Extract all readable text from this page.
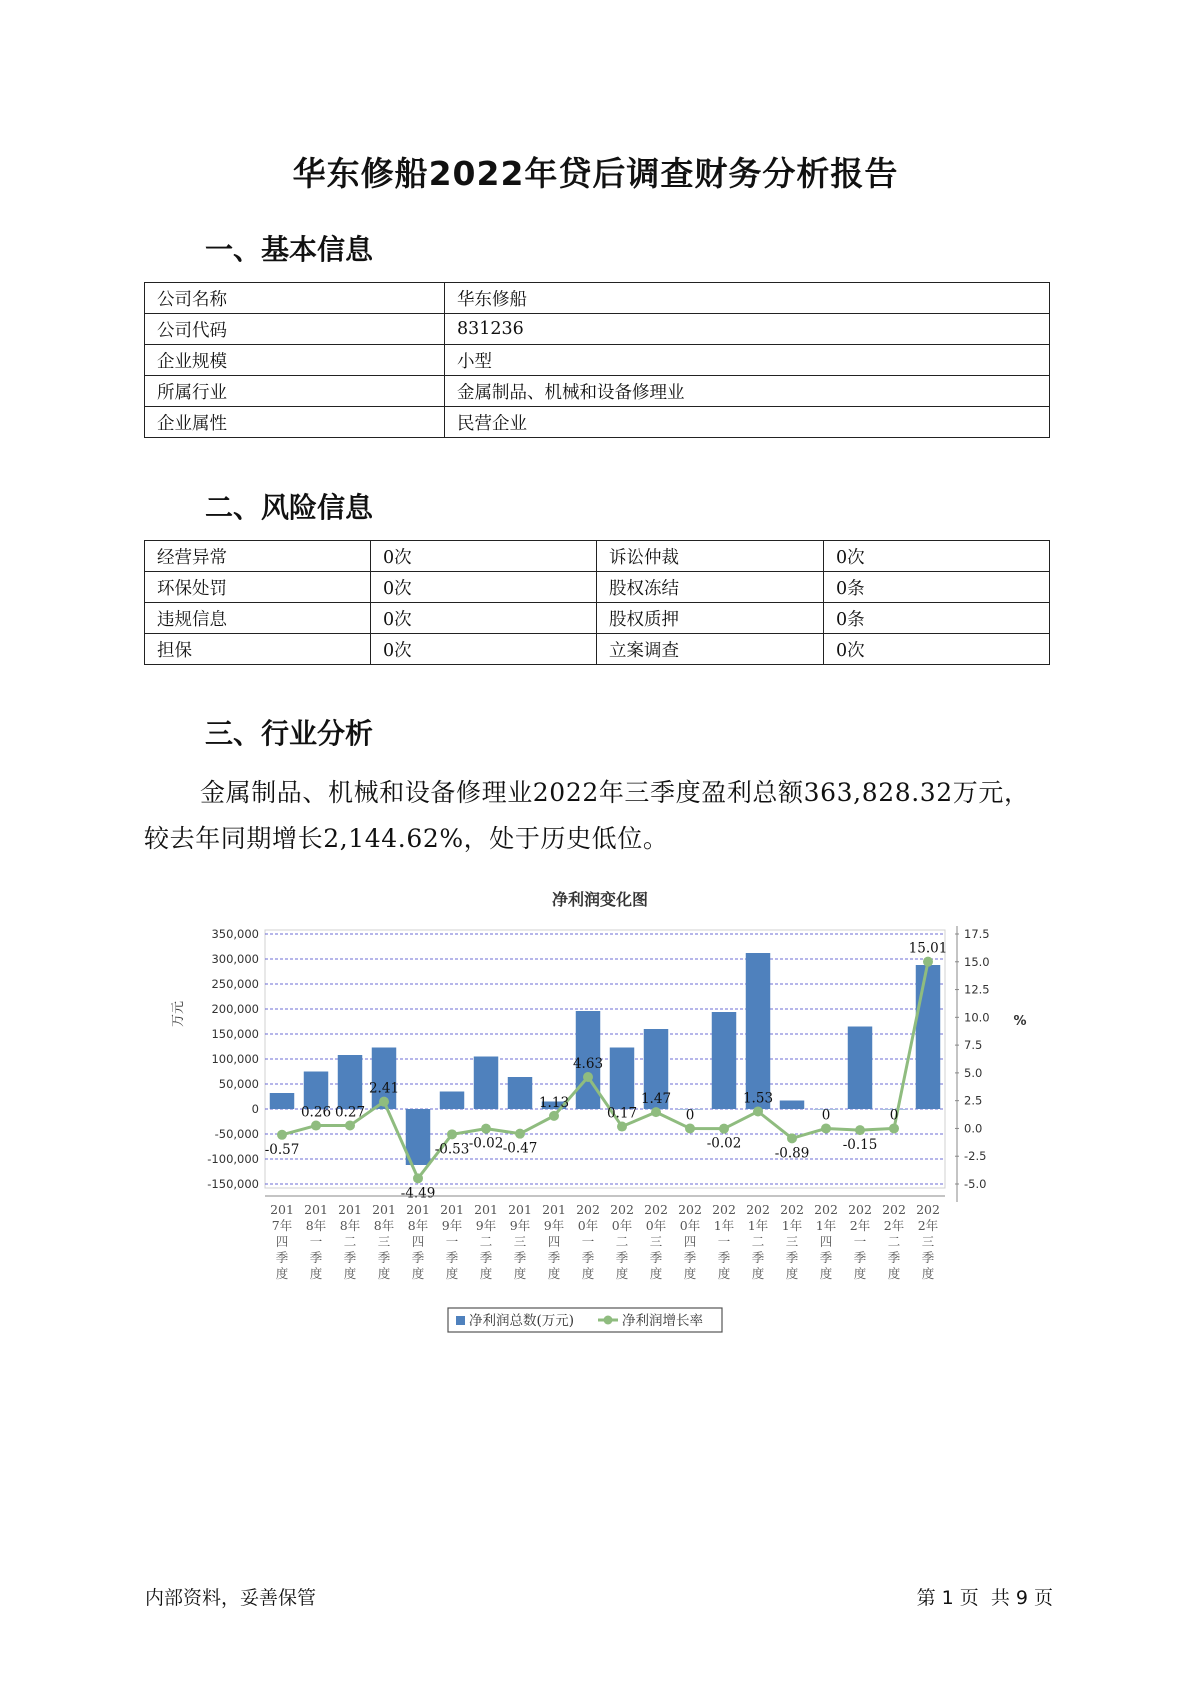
华东修船2022年贷后调查财务分析报告
一、基本信息
公司名称	华东修船
公司代码	831236
企业规模	小型
所属行业	金属制品、机械和设备修理业
企业属性	民营企业
二、风险信息
经营异常	0次	诉讼仲裁	0次
环保处罚	0次	股权冻结	0条
违规信息	0次	股权质押	0条
担保	0次	立案调查	0次
三、行业分析
金属制品、机械和设备修理业2022年三季度盈利总额363,828.32万元，较去年同期增长2,144.62%，处于历史低位。
净利润变化图
-150,000
-100,000
-50,000
0
50,000
100,000
150,000
200,000
250,000
300,000
350,000
-5.0
-2.5
0.0
2.5
5.0
7.5
10.0
12.5
15.0
17.5
万元	%
-0.57
0.26 0.27
2.41
-4.49
-0.53 -0.02 -0.47
1.13
4.63
0.17
1.47
0
-0.02
1.53
-0.89
0
-0.15
0
15.01
201 7年四季度
201 8年一季度
201 8年二季度
201 8年三季度
201 8年四季度
201 9年一季度
201 9年二季度
201 9年三季度
201 9年四季度
202 0年一季度
202 0年二季度
202 0年三季度
202 0年四季度
202 1年一季度
202 1年二季度
202 1年三季度
202 1年四季度
202 2年一季度
202 2年二季度
202 2年三季度
净利润总数(万元)	净利润增长率
内部资料，妥善保管	第 1 页  共 9 页
